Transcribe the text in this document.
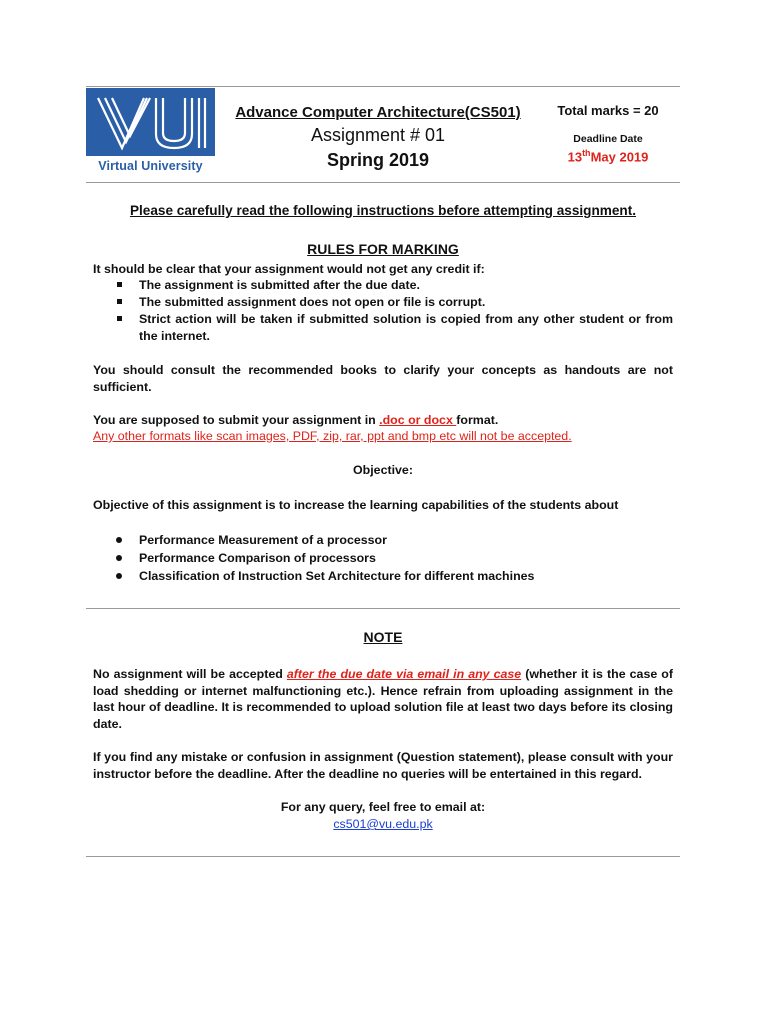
Virtual University
Advance Computer Architecture(CS501)
Assignment # 01
Spring 2019
Total marks = 20
Deadline Date
13thMay 2019
Please carefully read the following instructions before attempting assignment.
RULES FOR MARKING
It should be clear that your assignment would not get any credit if:
The assignment is submitted after the due date.
The submitted assignment does not open or file is corrupt.
Strict action will be taken if submitted solution is copied from any other student or from the internet.
You should consult the recommended books to clarify your concepts as handouts are not sufficient.
You are supposed to submit your assignment in .doc or docx format.
Any other formats like scan images, PDF, zip, rar, ppt and bmp etc will not be accepted.
Objective:
Objective of this assignment is to increase the learning capabilities of the students about
Performance Measurement of a processor
Performance Comparison of processors
Classification of Instruction Set Architecture for different machines
NOTE
No assignment will be accepted after the due date via email in any case (whether it is the case of load shedding or internet malfunctioning etc.). Hence refrain from uploading assignment in the last hour of deadline. It is recommended to upload solution file at least two days before its closing date.
If you find any mistake or confusion in assignment (Question statement), please consult with your instructor before the deadline. After the deadline no queries will be entertained in this regard.
For any query, feel free to email at:
cs501@vu.edu.pk
